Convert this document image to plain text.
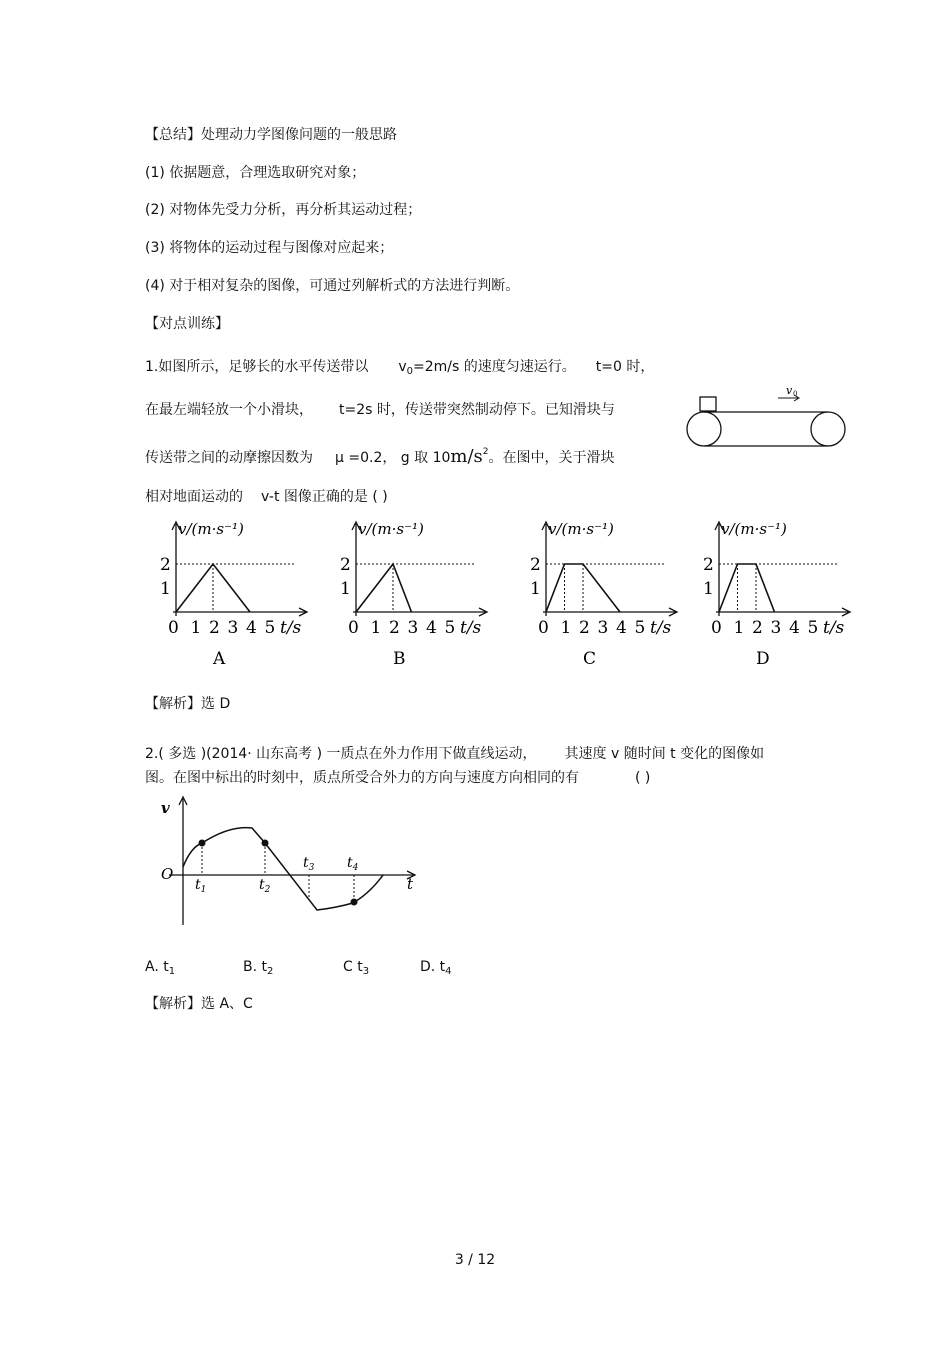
【总结】处理动力学图像问题的一般思路
(1) 依据题意，合理选取研究对象；
(2) 对物体先受力分析，再分析其运动过程；
(3) 将物体的运动过程与图像对应起来；
(4) 对于相对复杂的图像，可通过列解析式的方法进行判断。
【对点训练】
1.如图所示，足够长的水平传送带以 $v_0=2m/s$ 的速度匀速运行。 t=0 时，
在最左端轻放一个小滑块， t=2s 时，传送带突然制动停下。已知滑块与
传送带之间的动摩擦因数为 μ =0.2， g 取 $10m/s^2$。在图中，关于滑块
相对地面运动的 v-t 图像正确的是 ( )
v 0
v/(m·s⁻¹)
1
2
0 1 2 3 4 5 t/s
A
v/(m·s⁻¹)
1
2
0 1 2 3 4 5 t/s
B
v/(m·s⁻¹)
1
2
0 1 2 3 4 5 t/s
C
v/(m·s⁻¹)
1
2
0 1 2 3 4 5 t/s
D
【解析】选 D
2.( 多选 )(2014· 山东高考 ) 一质点在外力作用下做直线运动， 其速度 v 随时间 t 变化的图像如
图。在图中标出的时刻中，质点所受合外力的方向与速度方向相同的有	( )
v
O
t
$t_1$	$t_2$
$t_3$ $t_4$
A. $t_1$	B. $t_2$	C $t_3$	D. $t_4$
【解析】选 A、C
3 / 12
